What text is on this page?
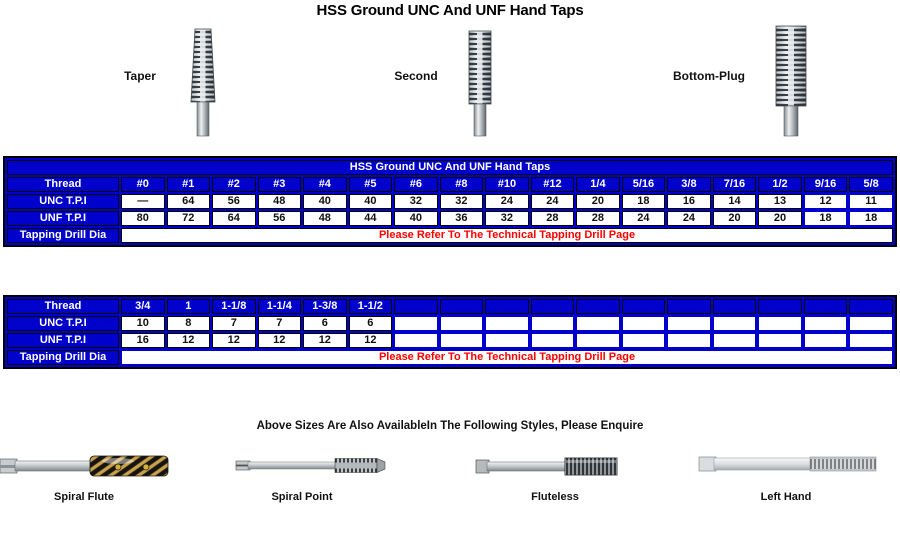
HSS Ground UNC And UNF Hand Taps
Taper	Second	Bottom-Plug
HSS Ground UNC And UNF Hand Taps																	
Thread	#0	#1	#2	#3	#4	#5	#6	#8	#10	#12	1/4	5/16	3/8	7/16	1/2	9/16	5/8
UNC T.P.I	—	64	56	48	40	40	32	32	24	24	20	18	16	14	13	12	11
UNF T.P.I	80	72	64	56	48	44	40	36	32	28	28	24	24	20	20	18	18
Tapping Drill Dia	Please Refer To The Technical Tapping Drill Page																
Thread	3/4	1	1-1/8	1-1/4	1-3/8	1-1/2											
UNC T.P.I	10	8	7	7	6	6											
UNF T.P.I	16	12	12	12	12	12											
Tapping Drill Dia	Please Refer To The Technical Tapping Drill Page																
Above Sizes Are Also AvailableIn The Following Styles, Please Enquire
Spiral Flute	Spiral Point	Fluteless	Left Hand
